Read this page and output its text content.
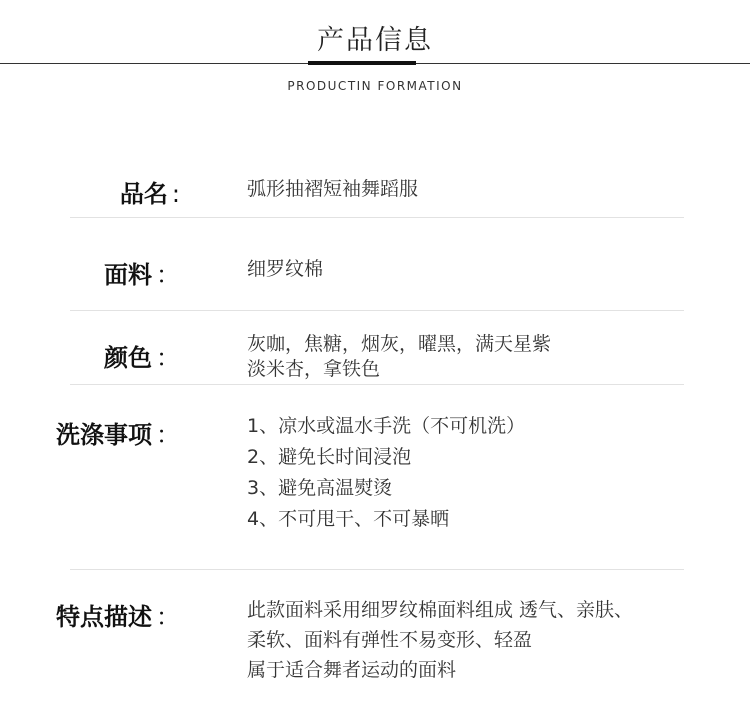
产品信息
PRODUCTIN FORMATION
品名 :	弧形抽褶短袖舞蹈服
面料 ：	细罗纹棉
颜色 ：	灰咖，焦糖，烟灰，曜黑，满天星紫
淡米杏，拿铁色
洗涤事项 ：	1、凉水或温水手洗（不可机洗）
2、避免长时间浸泡
3、避免高温熨烫
4、不可甩干、不可暴晒
特点描述 ：	此款面料采用细罗纹棉面料组成 透气、亲肤、
柔软、面料有弹性不易变形、轻盈
属于适合舞者运动的面料
